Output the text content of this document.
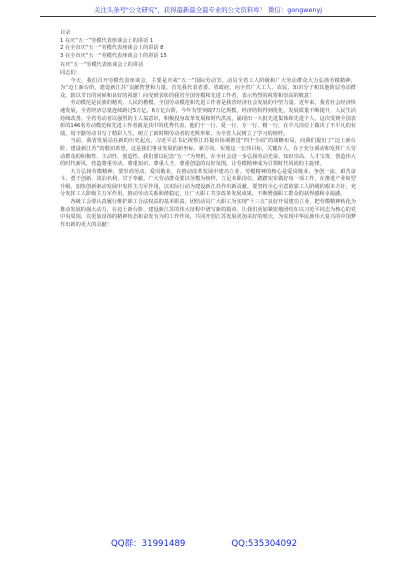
关注头条号"公文研究"，获得最新最全最专业的公文资料库！ 微信：gongwenyj

目录

1 在庆“五一”劳模代表座谈会上的讲话 1

2 在全市庆“五一”劳模代表座谈会上的讲话 8

3 在全市庆“五一”劳模代表座谈会上的讲话 15

在庆“五一”劳模代表座谈会上的讲话

同志们：

今天，我们召开劳模代表座谈会，主要是庆祝“五一”国际劳动节，动员全省工人阶级和广大劳动群众大力弘扬劳模精神，为“迈上新台阶，建设新江苏”贡献智慧和力量。首先我代表省委、省政府，向全省广大工人、农民、知识分子和其他阶层劳动群众，致以节日的问候和良好的祝愿！向受到表彰的我省全国劳模和先进工作者，表示热烈的祝贺和崇高的敬意！

劳动模范是民族的精英、人民的楷模，全国劳动模范和先进工作者是我省经济社会发展的中坚力量。近年来，我省社会经济快速发展，全省经济总量连续跨过5万亿、6万亿台阶，今年有望突破7万亿规模，经济结构得到优化，发展质量不断提升，人民生活持续改善。全省劳动者以强烈的主人翁意识，积极投身改革发展和时代洪流，涌现出一大批先进集体和先进个人。这次受到全国表彰的146名劳动模范和先进工作者就是其中的优秀代表，他们干一行、爱一行、专一行、精一行，在平凡岗位上做出了不平凡的业绩，用辛勤劳动书写了精彩人生，树立了新时期劳动者的光辉形象，为全省人民树立了学习的榜样。

当前，我省发展站在新的历史起点，习近平总书记视察江苏提出协调推进“四个全面”的战略布局，向我们提出了“迈上新台阶、建设新江苏”的殷切希望，这是我们事业发展的新坐标、新方向。实现这一宏伟目标，关键在人，在于充分调动和发挥广大劳动群众的积极性、主动性、创造性。我们要以纪念“五一”为契机，在全社会进一步弘扬劳动光荣、知识崇高、人才宝贵、创造伟大的时代新风，营造尊重劳动、尊重知识、尊重人才、尊重创造的良好氛围，让劳模精神成为引领时代风尚的主旋律。

大力弘扬劳模精神，要崇尚劳动、爱岗敬业，在推动改革发展中建功立业。劳模精神的核心是爱岗敬业、争创一流、艰苦奋斗、勇于创新、淡泊名利、甘于奉献。广大劳动群众要以劳模为榜样，立足本职岗位，踏踏实实做好每一项工作，在推进产业转型升级、加快创新驱动发展中发挥主力军作用，以实际行动为建设新江苏作出新贡献。要坚持全心全意依靠工人阶级的根本方针，充分发挥工人阶级主力军作用，推动劳动关系和谐稳定，让广大职工共享改革发展成果，不断增强职工群众的获得感和幸福感。

各级工会要认真履行维护职工合法权益的基本职责，团结动员广大职工为实现“十三五”良好开局建功立业，把劳模精神转化为推动发展的强大动力，在迈上新台阶、建设新江苏的伟大征程中谱写新的篇章。让我们更加紧密地团结在以习近平同志为核心的党中央周围，以更加昂扬的精神状态和奋发有为的工作作风，共同开创江苏发展更加美好的明天，为实现中华民族伟大复兴的中国梦作出新的更大的贡献！

QQ群：31991489	QQ:535304092
